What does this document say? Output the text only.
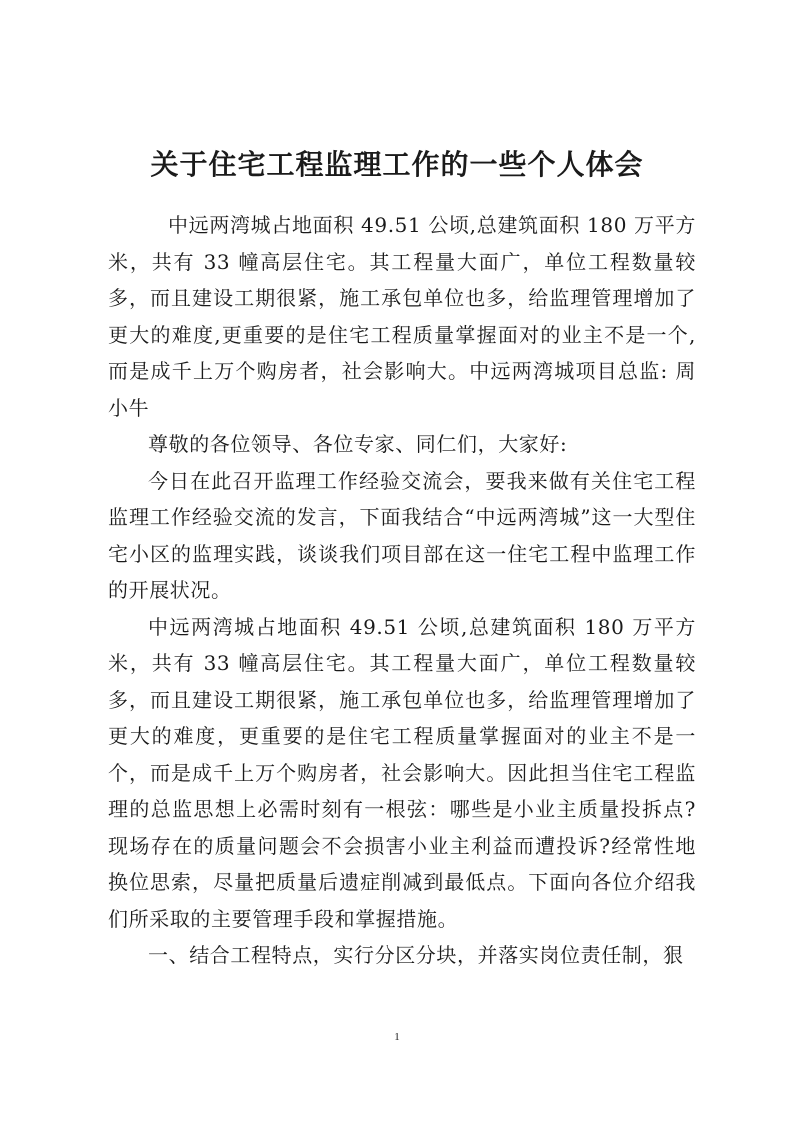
关于住宅工程监理工作的一些个人体会

中远两湾城占地面积 49.51 公顷,总建筑面积 180 万平方米，共有 33 幢高层住宅。其工程量大面广，单位工程数量较多，而且建设工期很紧，施工承包单位也多，给监理管理增加了更大的难度,更重要的是住宅工程质量掌握面对的业主不是一个,而是成千上万个购房者，社会影响大。中远两湾城项目总监: 周小牛

尊敬的各位领导、各位专家、同仁们，大家好:

今日在此召开监理工作经验交流会，要我来做有关住宅工程监理工作经验交流的发言，下面我结合“中远两湾城”这一大型住宅小区的监理实践，谈谈我们项目部在这一住宅工程中监理工作的开展状况。

中远两湾城占地面积 49.51 公顷,总建筑面积 180 万平方米，共有 33 幢高层住宅。其工程量大面广，单位工程数量较多，而且建设工期很紧，施工承包单位也多，给监理管理增加了更大的难度，更重要的是住宅工程质量掌握面对的业主不是一个，而是成千上万个购房者，社会影响大。因此担当住宅工程监理的总监思想上必需时刻有一根弦：哪些是小业主质量投拆点?现场存在的质量问题会不会损害小业主利益而遭投诉?经常性地换位思索，尽量把质量后遗症削减到最低点。下面向各位介绍我们所采取的主要管理手段和掌握措施。

一、结合工程特点，实行分区分块，并落实岗位责任制，狠

1
